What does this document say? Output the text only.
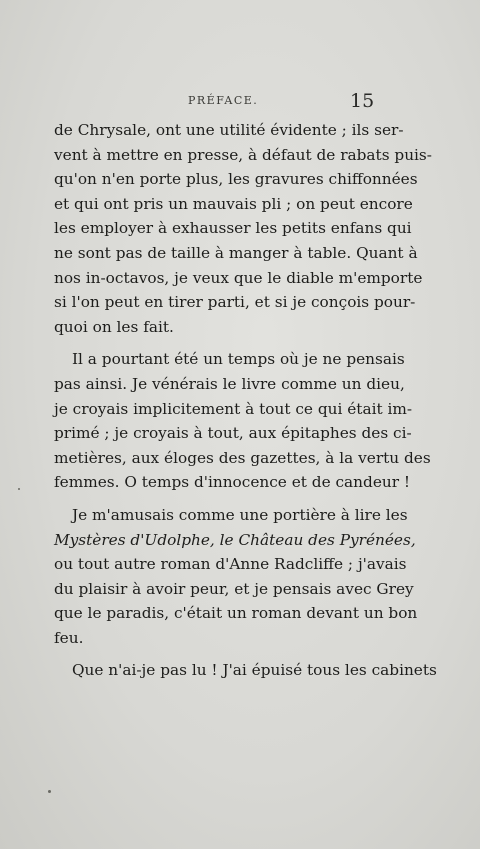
PRÉFACE.	15

de Chrysale, ont une utilité évidente ; ils ser-
vent à mettre en presse, à défaut de rabats puis-
qu'on n'en porte plus, les gravures chiffonnées
et qui ont pris un mauvais pli ; on peut encore
les employer à exhausser les petits enfans qui
ne sont pas de taille à manger à table. Quant à
nos in-octavos, je veux que le diable m'emporte
si l'on peut en tirer parti, et si je conçois pour-
quoi on les fait.

Il a pourtant été un temps où je ne pensais
pas ainsi. Je vénérais le livre comme un dieu,
je croyais implicitement à tout ce qui était im-
primé ; je croyais à tout, aux épitaphes des ci-
metières, aux éloges des gazettes, à la vertu des
femmes. O temps d'innocence et de candeur !

Je m'amusais comme une portière à lire les
Mystères d'Udolphe, le Château des Pyrénées,
ou tout autre roman d'Anne Radcliffe ; j'avais
du plaisir à avoir peur, et je pensais avec Grey
que le paradis, c'était un roman devant un bon
feu.

Que n'ai-je pas lu ! J'ai épuisé tous les cabinets
